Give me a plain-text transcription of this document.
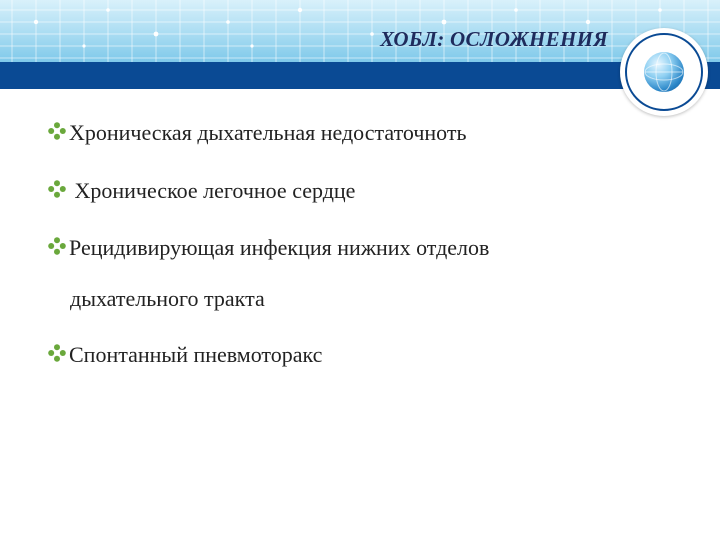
ХОБЛ: ОСЛОЖНЕНИЯ
Хроническая дыхательная недостаточноть
Хроническое легочное сердце
Рецидивирующая инфекция нижних отделов
дыхательного тракта
Спонтанный пневмоторакс
